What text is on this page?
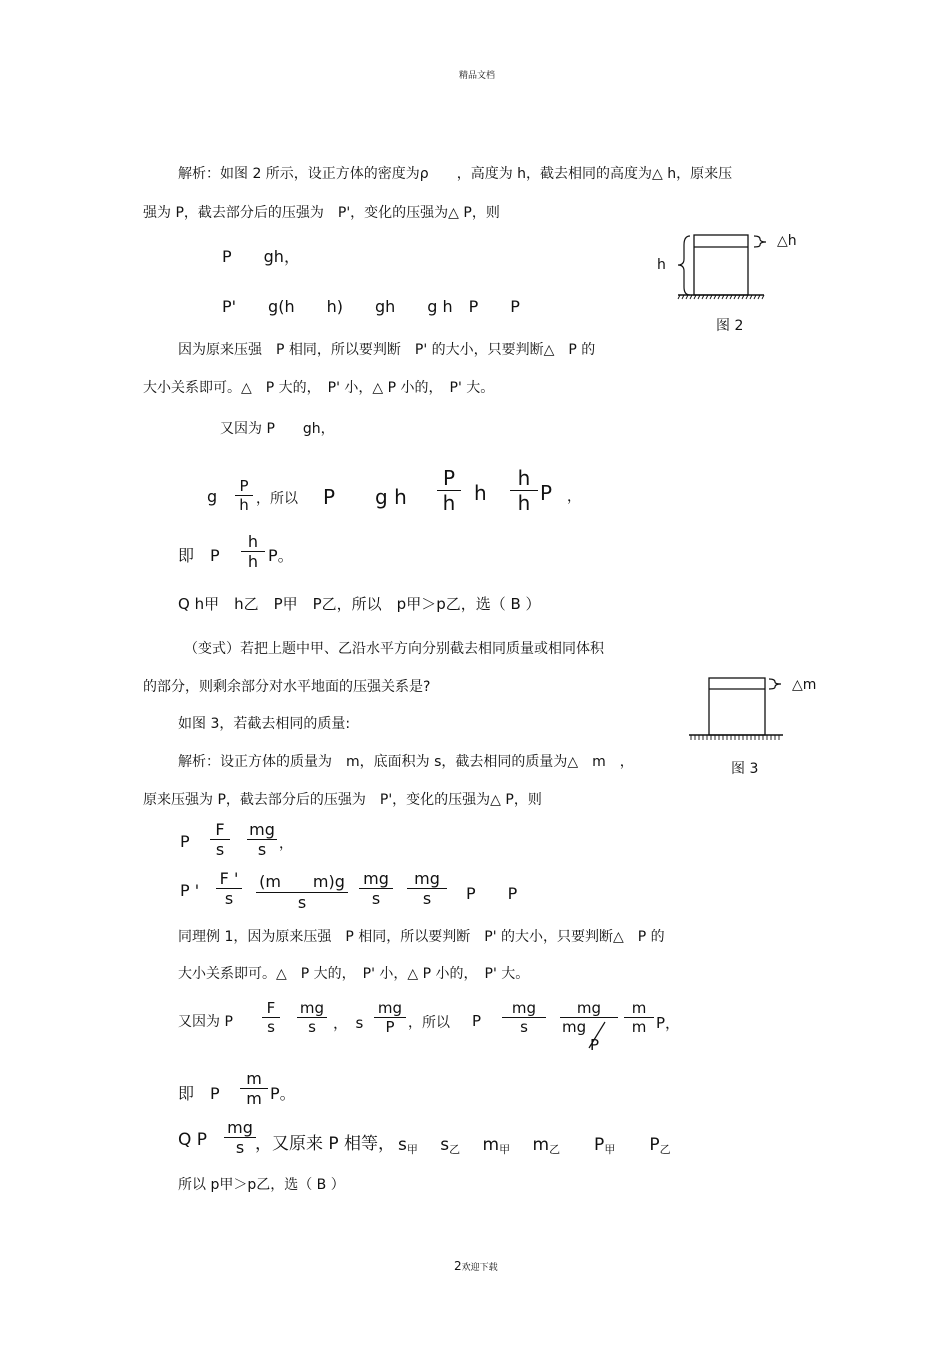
精品文档
2欢迎下载
解析：如图 2 所示，设正方体的密度为ρ　　，高度为 h，截去相同的高度为△ h，原来压
强为 P，截去部分后的压强为　P'，变化的压强为△ P，则
P　　gh，
P'　　g(h　　h)　　gh　　g h　P　　P
因为原来压强　P 相同，所以要判断　P' 的大小，只要判断△　P 的
大小关系即可。△　P 大的，　P' 小，△ P 小的，　P' 大。
又因为 P　　gh，
g
P
h ，所以 P　　g h
P
h h
h
h P ，
即　P
h
h P。
Q h甲　h乙　P甲　P乙，所以　p甲＞p乙，选（ B ）
h
△h
图 2
（变式）若把上题中甲、乙沿水平方向分别截去相同质量或相同体积
的部分，则剩余部分对水平地面的压强关系是?
如图 3，若截去相同的质量:
解析：设正方体的质量为　m，底面积为 s，截去相同的质量为△　m　，
原来压强为 P，截去部分后的压强为　P'，变化的压强为△ P，则
△m
图 3
P
F
s
mg
s ，
P '
F '
s
(m　　m)g
s
mg
s
mg
s	P　　P
同理例 1，因为原来压强　P 相同，所以要判断　P' 的大小，只要判断△　P 的
大小关系即可。△　P 大的，　P' 小，△ P 小的，　P' 大。
又因为 P
F
s
mg
s	，　s
mg
P ，所以 P
mg
s
mg
mg
P
m
m P，
即　P
m
m P。
Q P
mg
s ，又原来 P 相等， s甲　 s乙　 m甲　 m乙　　P甲　　P乙
所以 p甲＞p乙，选（ B ）
